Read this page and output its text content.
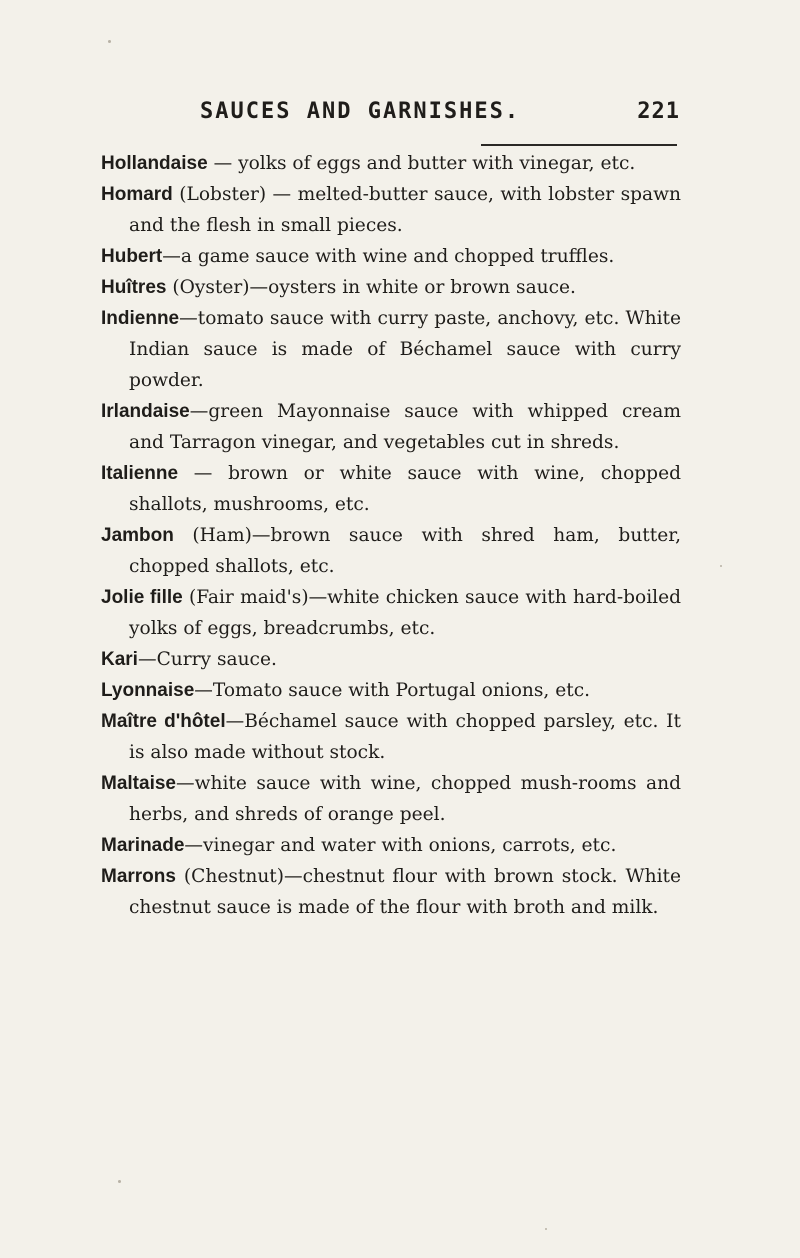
SAUCES AND GARNISHES.	221

Hollandaise — yolks of eggs and butter with vinegar, etc.

Homard (Lobster) — melted-butter sauce, with lobster spawn and the flesh in small pieces.

Hubert—a game sauce with wine and chopped truffles.

Huîtres (Oyster)—oysters in white or brown sauce.

Indienne—tomato sauce with curry paste, anchovy, etc. White Indian sauce is made of Béchamel sauce with curry powder.

Irlandaise—green Mayonnaise sauce with whipped cream and Tarragon vinegar, and vegetables cut in shreds.

Italienne — brown or white sauce with wine, chopped shallots, mushrooms, etc.

Jambon (Ham)—brown sauce with shred ham, butter, chopped shallots, etc.

Jolie fille (Fair maid's)—white chicken sauce with hard-boiled yolks of eggs, breadcrumbs, etc.

Kari—Curry sauce.

Lyonnaise—Tomato sauce with Portugal onions, etc.

Maître d'hôtel—Béchamel sauce with chopped parsley, etc. It is also made without stock.

Maltaise—white sauce with wine, chopped mush-rooms and herbs, and shreds of orange peel.

Marinade—vinegar and water with onions, carrots, etc.

Marrons (Chestnut)—chestnut flour with brown stock. White chestnut sauce is made of the flour with broth and milk.
